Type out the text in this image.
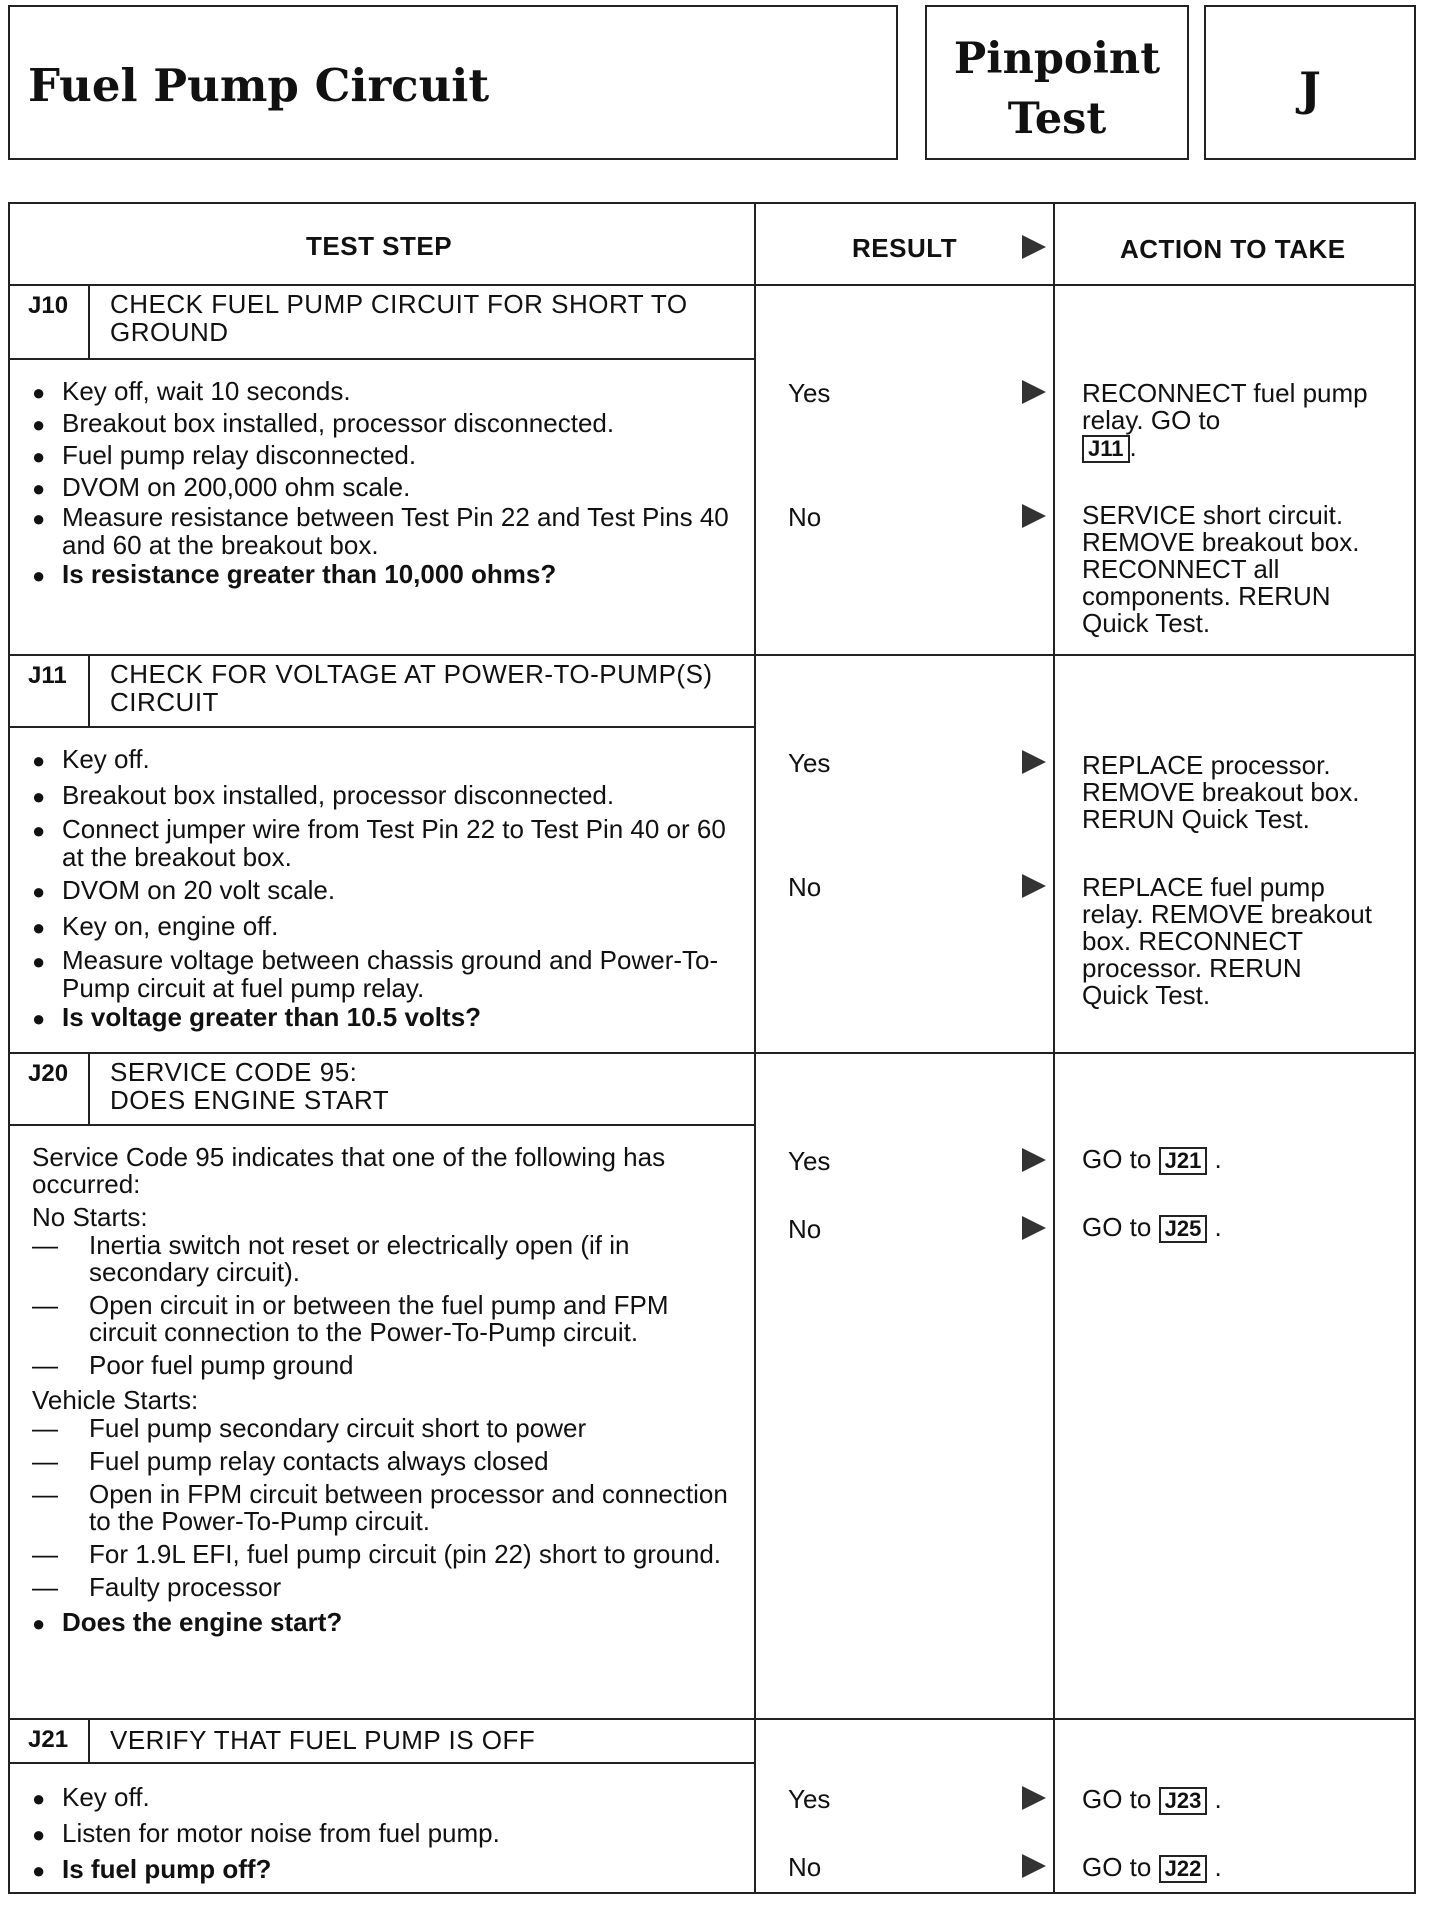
Fuel Pump Circuit	Pinpoint
Test
J
TEST STEP	RESULT	ACTION TO TAKE
J10 CHECK FUEL PUMP CIRCUIT FOR SHORT TO
GROUND
● Key off, wait 10 seconds.
● Breakout box installed, processor disconnected.
● Fuel pump relay disconnected.
● DVOM on 200,000 ohm scale.
● Measure resistance between Test Pin 22 and Test Pins 40 and 60 at the breakout box.
● Is resistance greater than 10,000 ohms?
Yes	RECONNECT fuel pump relay. GO to
J11 .
No	SERVICE short circuit. REMOVE breakout box. RECONNECT all components. RERUN Quick Test.
J11 CHECK FOR VOLTAGE AT POWER-TO-PUMP(S)
CIRCUIT
● Key off.
● Breakout box installed, processor disconnected.
● Connect jumper wire from Test Pin 22 to Test Pin 40 or 60 at the breakout box.
● DVOM on 20 volt scale.
● Key on, engine off.
● Measure voltage between chassis ground and Power-To-Pump circuit at fuel pump relay.
● Is voltage greater than 10.5 volts?
Yes	REPLACE processor. REMOVE breakout box. RERUN Quick Test.
No	REPLACE fuel pump relay. REMOVE breakout box. RECONNECT processor. RERUN Quick Test.
J20 SERVICE CODE 95:
DOES ENGINE START

Service Code 95 indicates that one of the following has occurred:

No Starts:

— Inertia switch not reset or electrically open (if in secondary circuit).
— Open circuit in or between the fuel pump and FPM circuit connection to the Power-To-Pump circuit.
— Poor fuel pump ground

Vehicle Starts:

— Fuel pump secondary circuit short to power
— Fuel pump relay contacts always closed
— Open in FPM circuit between processor and connection to the Power-To-Pump circuit.
— For 1.9L EFI, fuel pump circuit (pin 22) short to ground.
— Faulty processor
● Does the engine start?
Yes	GO to J21 .
No	GO to J25 .
J21 VERIFY THAT FUEL PUMP IS OFF
● Key off.
● Listen for motor noise from fuel pump.
● Is fuel pump off?
Yes	GO to J23 .
No	GO to J22 .
